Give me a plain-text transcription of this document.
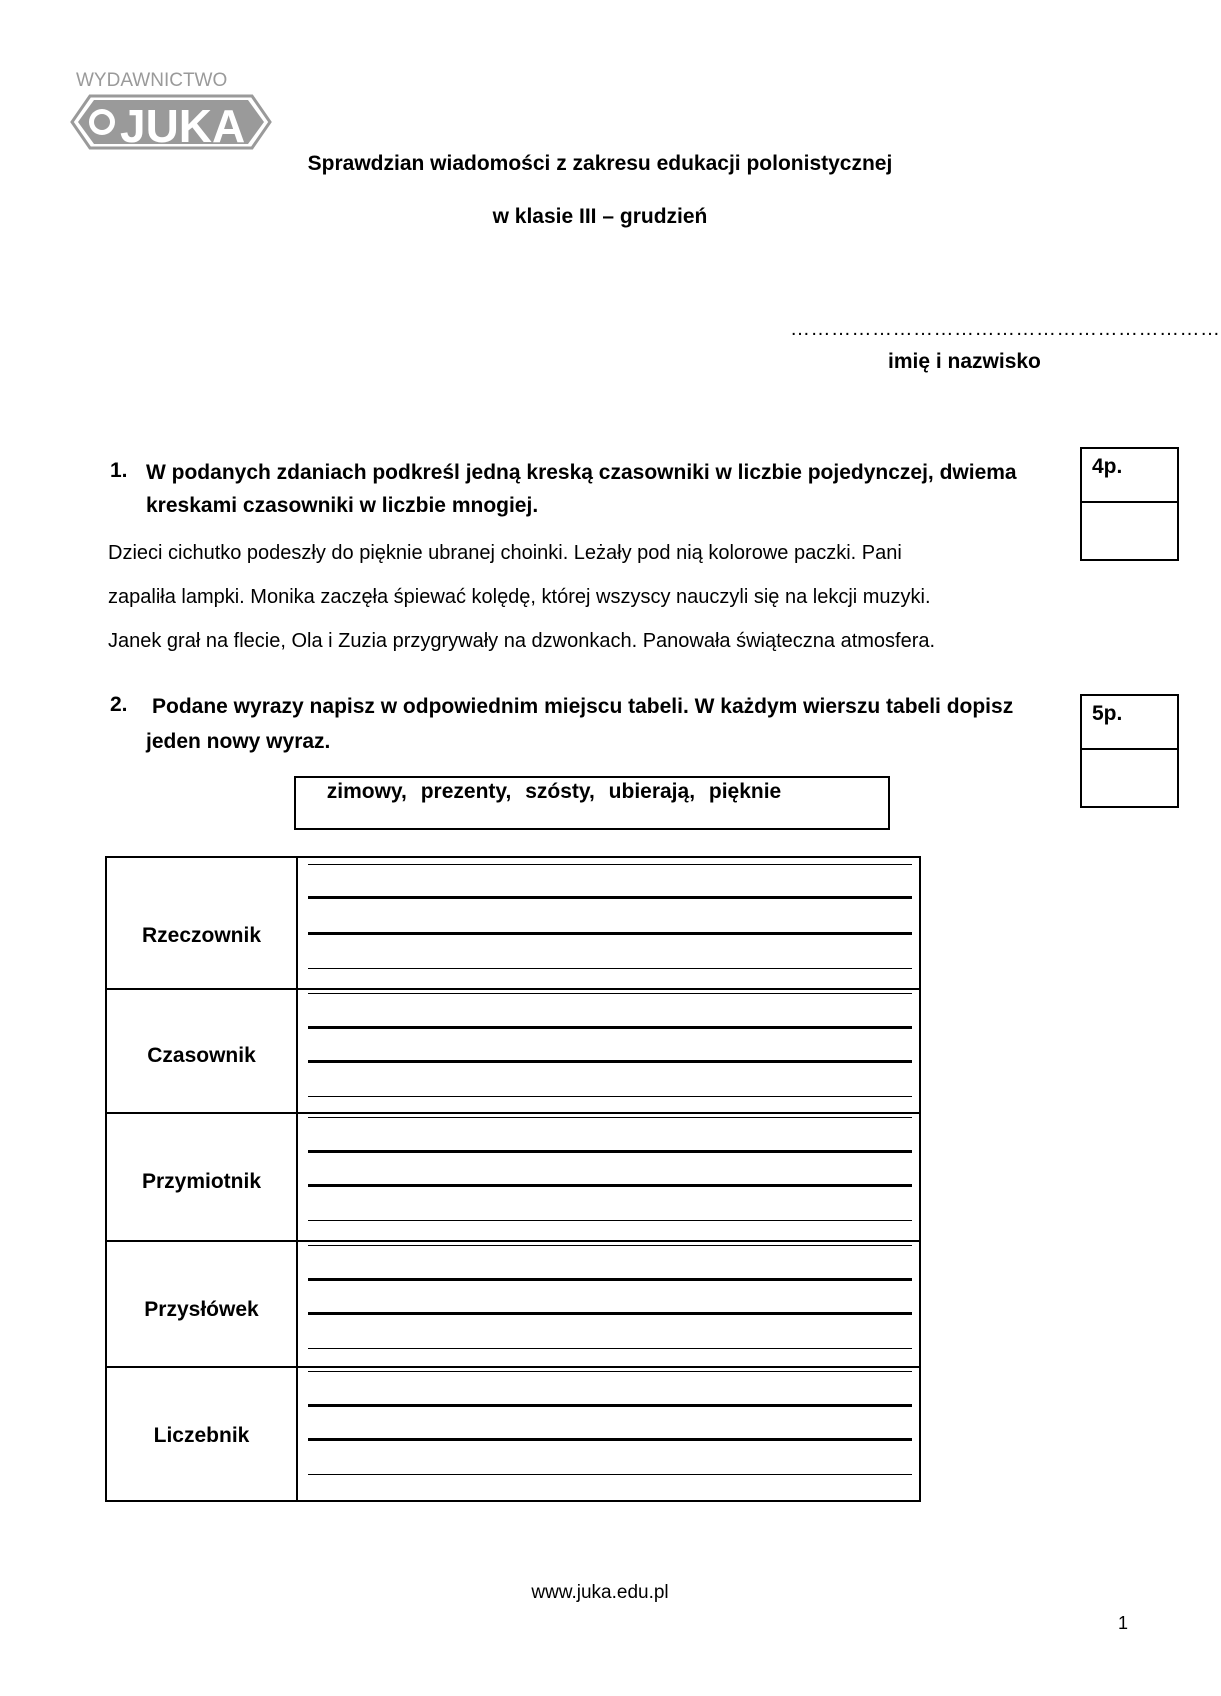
WYDAWNICTWO
JUKA
Sprawdzian wiadomości z zakresu edukacji polonistycznej
w klasie III – grudzień
………………………………………………………
imię i nazwisko
1. W podanych zdaniach podkreśl jedną kreską czasowniki w liczbie pojedynczej, dwiema
kreskami czasowniki w liczbie mnogiej.
4p.
Dzieci cichutko podeszły do pięknie ubranej choinki. Leżały pod nią kolorowe paczki. Pani
zapaliła lampki. Monika zaczęła śpiewać kolędę, której wszyscy nauczyli się na lekcji muzyki.
Janek grał na flecie, Ola i Zuzia przygrywały na dzwonkach. Panowała świąteczna atmosfera.
2. Podane wyrazy napisz w odpowiednim miejscu tabeli. W każdym wierszu tabeli dopisz
jeden nowy wyraz.
5p.
zimowy, prezenty, szósty, ubierają, pięknie
Rzeczownik
Czasownik
Przymiotnik
Przysłówek
Liczebnik
www.juka.edu.pl
1
